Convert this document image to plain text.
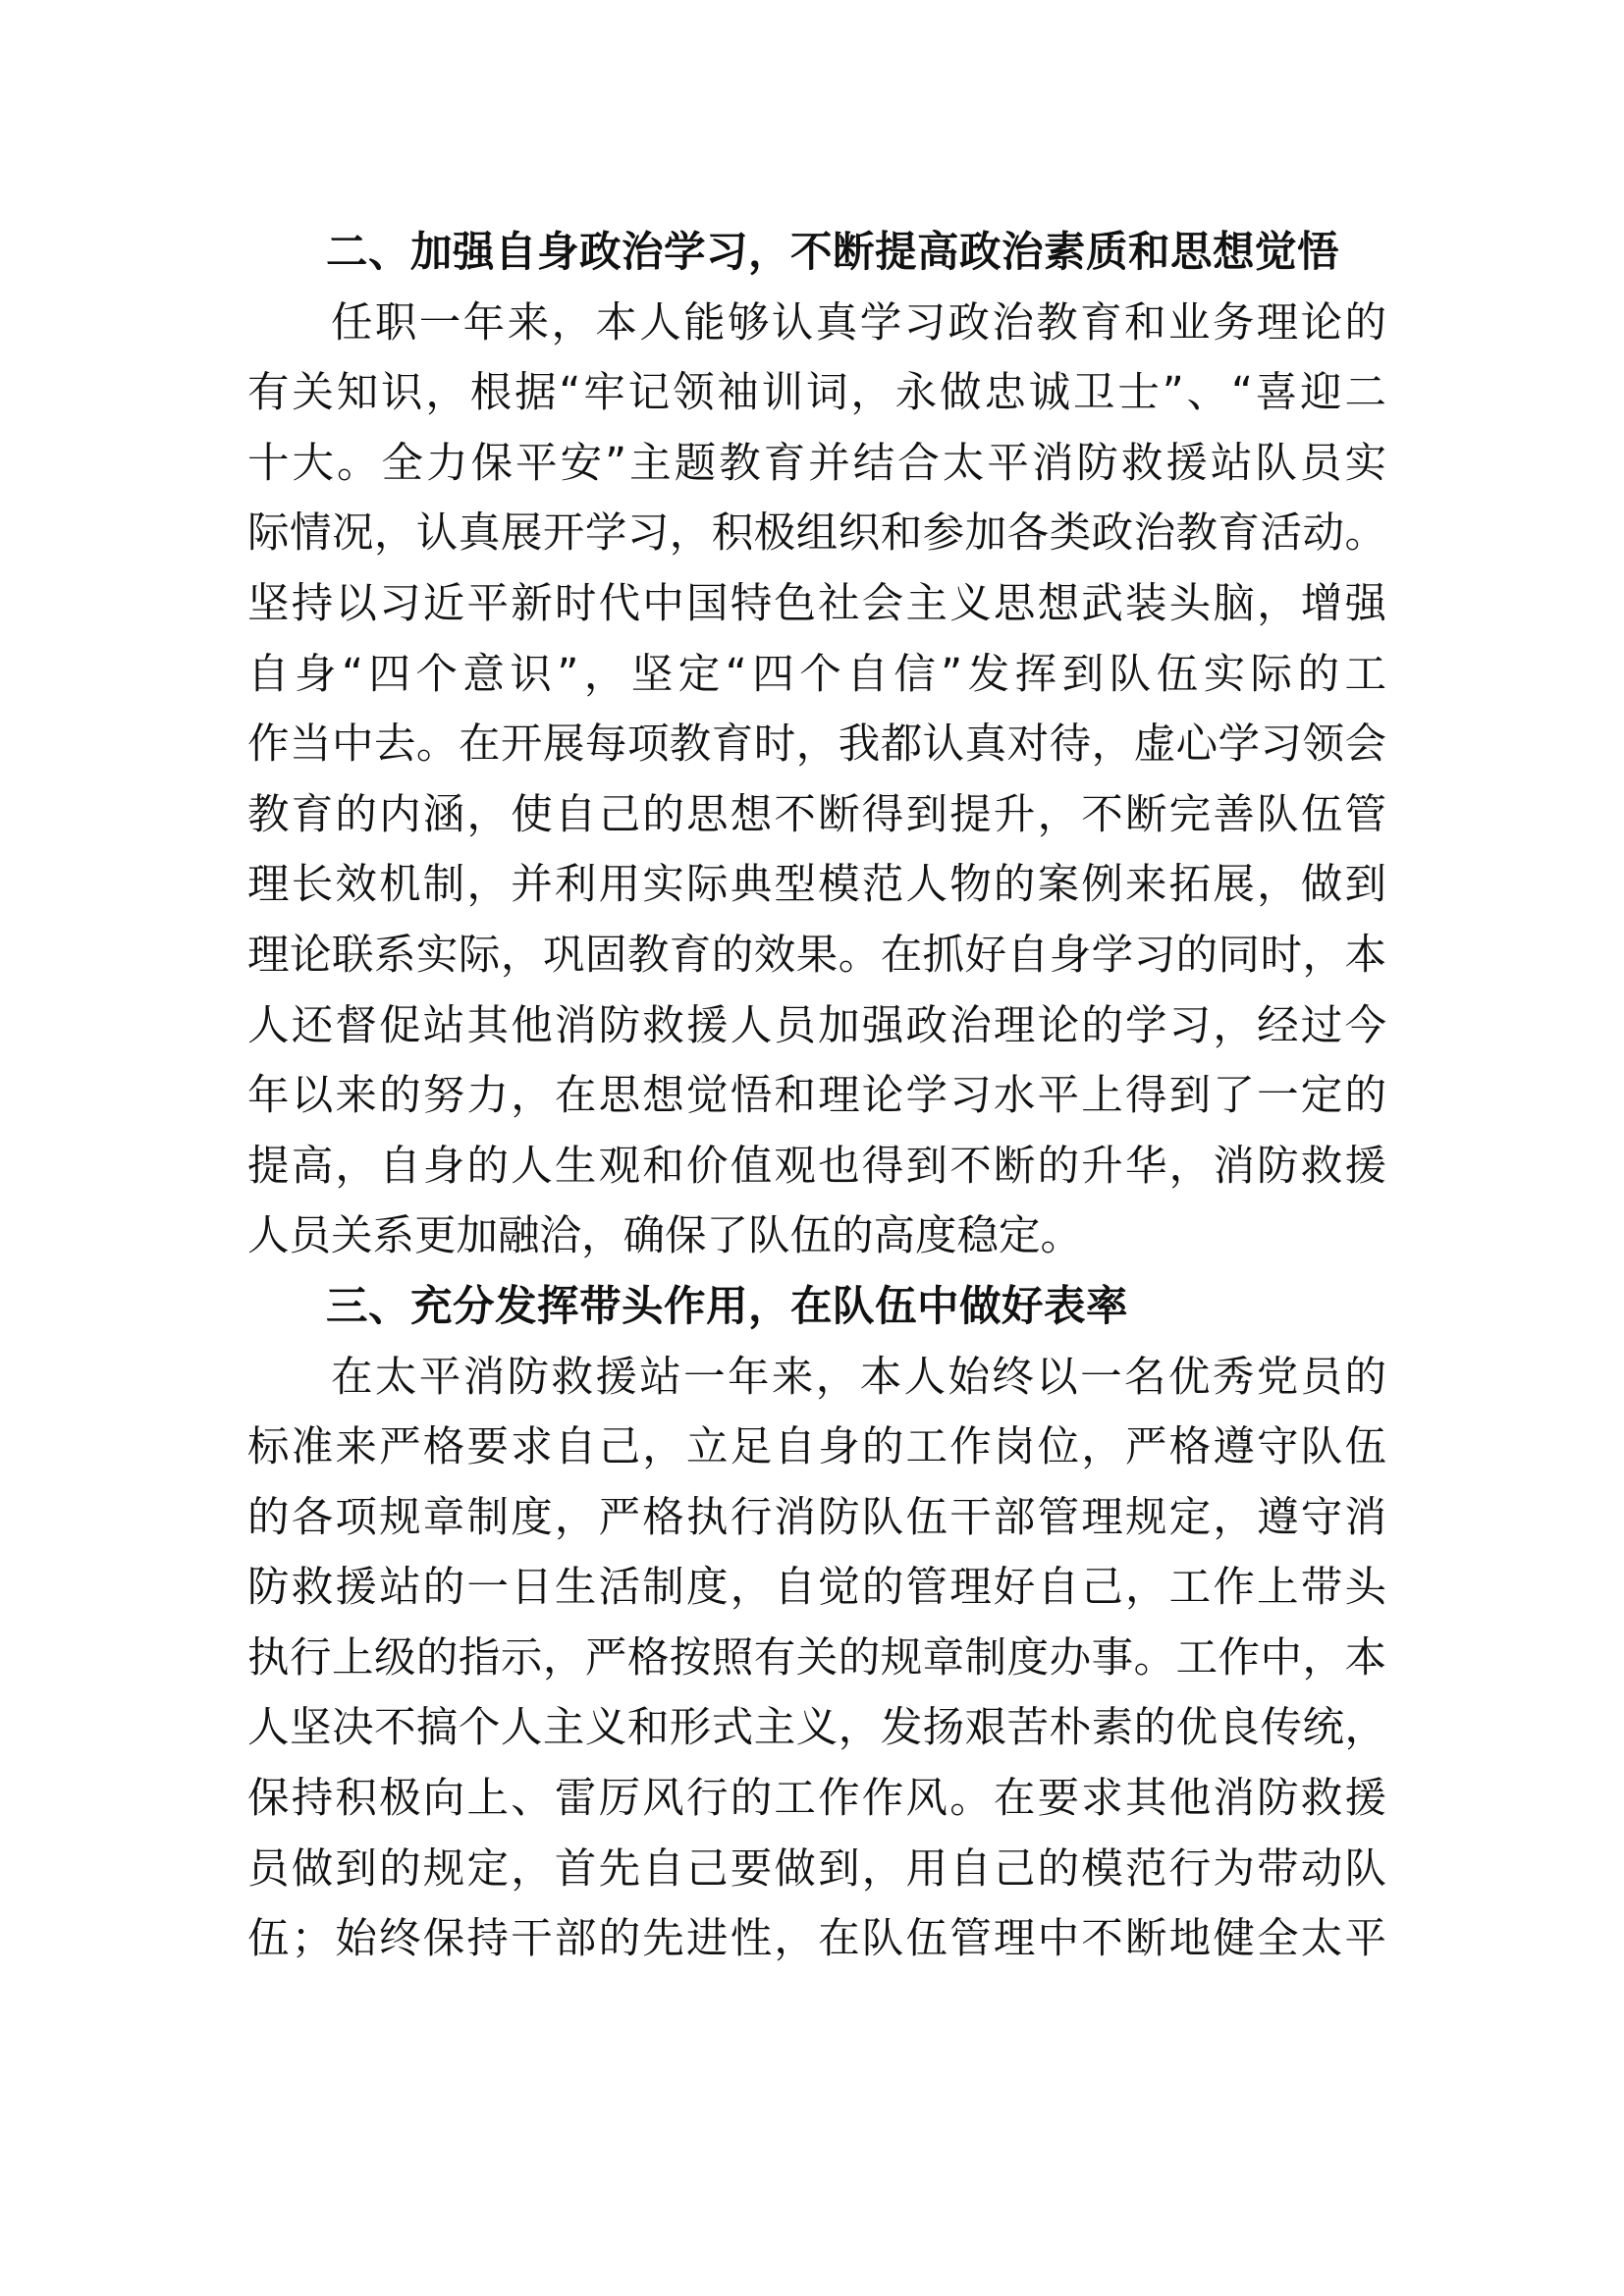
二、加强自身政治学习，不断提高政治素质和思想觉悟
任职一年来，本人能够认真学习政治教育和业务理论的
有关知识，根据“牢记领袖训词，永做忠诚卫士”、“喜迎二
十大。全力保平安”主题教育并结合太平消防救援站队员实
际情况，认真展开学习，积极组织和参加各类政治教育活动。
坚持以习近平新时代中国特色社会主义思想武装头脑，增强
自身“四个意识”，坚定“四个自信”发挥到队伍实际的工
作当中去。在开展每项教育时，我都认真对待，虚心学习领会
教育的内涵，使自己的思想不断得到提升，不断完善队伍管
理长效机制，并利用实际典型模范人物的案例来拓展，做到
理论联系实际，巩固教育的效果。在抓好自身学习的同时，本
人还督促站其他消防救援人员加强政治理论的学习，经过今
年以来的努力，在思想觉悟和理论学习水平上得到了一定的
提高，自身的人生观和价值观也得到不断的升华，消防救援
人员关系更加融洽，确保了队伍的高度稳定。
三、充分发挥带头作用，在队伍中做好表率
在太平消防救援站一年来，本人始终以一名优秀党员的
标准来严格要求自己，立足自身的工作岗位，严格遵守队伍
的各项规章制度，严格执行消防队伍干部管理规定，遵守消
防救援站的一日生活制度，自觉的管理好自己，工作上带头
执行上级的指示，严格按照有关的规章制度办事。工作中，本
人坚决不搞个人主义和形式主义，发扬艰苦朴素的优良传统，
保持积极向上、雷厉风行的工作作风。在要求其他消防救援
员做到的规定，首先自己要做到，用自己的模范行为带动队
伍；始终保持干部的先进性，在队伍管理中不断地健全太平
